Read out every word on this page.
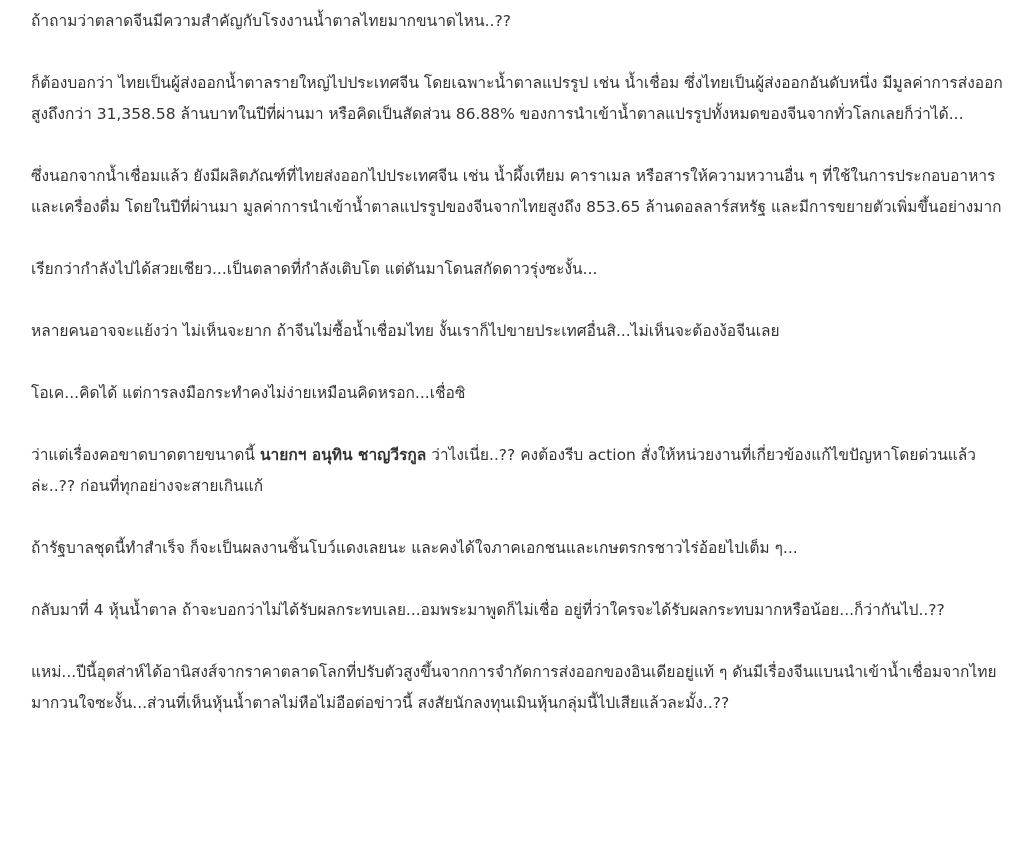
ถ้าถามว่าตลาดจีนมีความสำคัญกับโรงงานน้ำตาลไทยมากขนาดไหน..??

ก็ต้องบอกว่า ไทยเป็นผู้ส่งออกน้ำตาลรายใหญ่ไปประเทศจีน โดยเฉพาะน้ำตาลแปรรูป เช่น น้ำเชื่อม ซึ่งไทยเป็นผู้ส่งออกอันดับหนึ่ง มีมูลค่าการส่งออกสูงถึงกว่า 31,358.58 ล้านบาทในปีที่ผ่านมา หรือคิดเป็นสัดส่วน 86.88% ของการนำเข้าน้ำตาลแปรรูปทั้งหมดของจีนจากทั่วโลกเลยก็ว่าได้...

ซึ่งนอกจากน้ำเชื่อมแล้ว ยังมีผลิตภัณฑ์ที่ไทยส่งออกไปประเทศจีน เช่น น้ำผึ้งเทียม คาราเมล หรือสารให้ความหวานอื่น ๆ ที่ใช้ในการประกอบอาหารและเครื่องดื่ม โดยในปีที่ผ่านมา มูลค่าการนำเข้าน้ำตาลแปรรูปของจีนจากไทยสูงถึง 853.65 ล้านดอลลาร์สหรัฐ และมีการขยายตัวเพิ่มขึ้นอย่างมาก

เรียกว่ากำลังไปได้สวยเชียว...เป็นตลาดที่กำลังเติบโต แต่ดันมาโดนสกัดดาวรุ่งซะงั้น...

หลายคนอาจจะแย้งว่า ไม่เห็นจะยาก ถ้าจีนไม่ซื้อน้ำเชื่อมไทย งั้นเราก็ไปขายประเทศอื่นสิ...ไม่เห็นจะต้องง้อจีนเลย

โอเค...คิดได้ แต่การลงมือกระทำคงไม่ง่ายเหมือนคิดหรอก...เชื่อซิ

ว่าแต่เรื่องคอขาดบาดตายขนาดนี้ นายกฯ อนุทิน ชาญวีรกูล ว่าไงเนี่ย..?? คงต้องรีบ action สั่งให้หน่วยงานที่เกี่ยวข้องแก้ไขปัญหาโดยด่วนแล้วล่ะ..?? ก่อนที่ทุกอย่างจะสายเกินแก้

ถ้ารัฐบาลชุดนี้ทำสำเร็จ ก็จะเป็นผลงานชิ้นโบว์แดงเลยนะ และคงได้ใจภาคเอกชนและเกษตรกรชาวไร่อ้อยไปเต็ม ๆ...

กลับมาที่ 4 หุ้นน้ำตาล ถ้าจะบอกว่าไม่ได้รับผลกระทบเลย...อมพระมาพูดก็ไม่เชื่อ อยู่ที่ว่าใครจะได้รับผลกระทบมากหรือน้อย...ก็ว่ากันไป..??

แหม่...ปีนี้อุตส่าห์ได้อานิสงส์จากราคาตลาดโลกที่ปรับตัวสูงขึ้นจากการจำกัดการส่งออกของอินเดียอยู่แท้ ๆ ดันมีเรื่องจีนแบนนำเข้าน้ำเชื่อมจากไทยมากวนใจซะงั้น...ส่วนที่เห็นหุ้นน้ำตาลไม่หือไม่อือต่อข่าวนี้ สงสัยนักลงทุนเมินหุ้นกลุ่มนี้ไปเสียแล้วละมั้ง..??
